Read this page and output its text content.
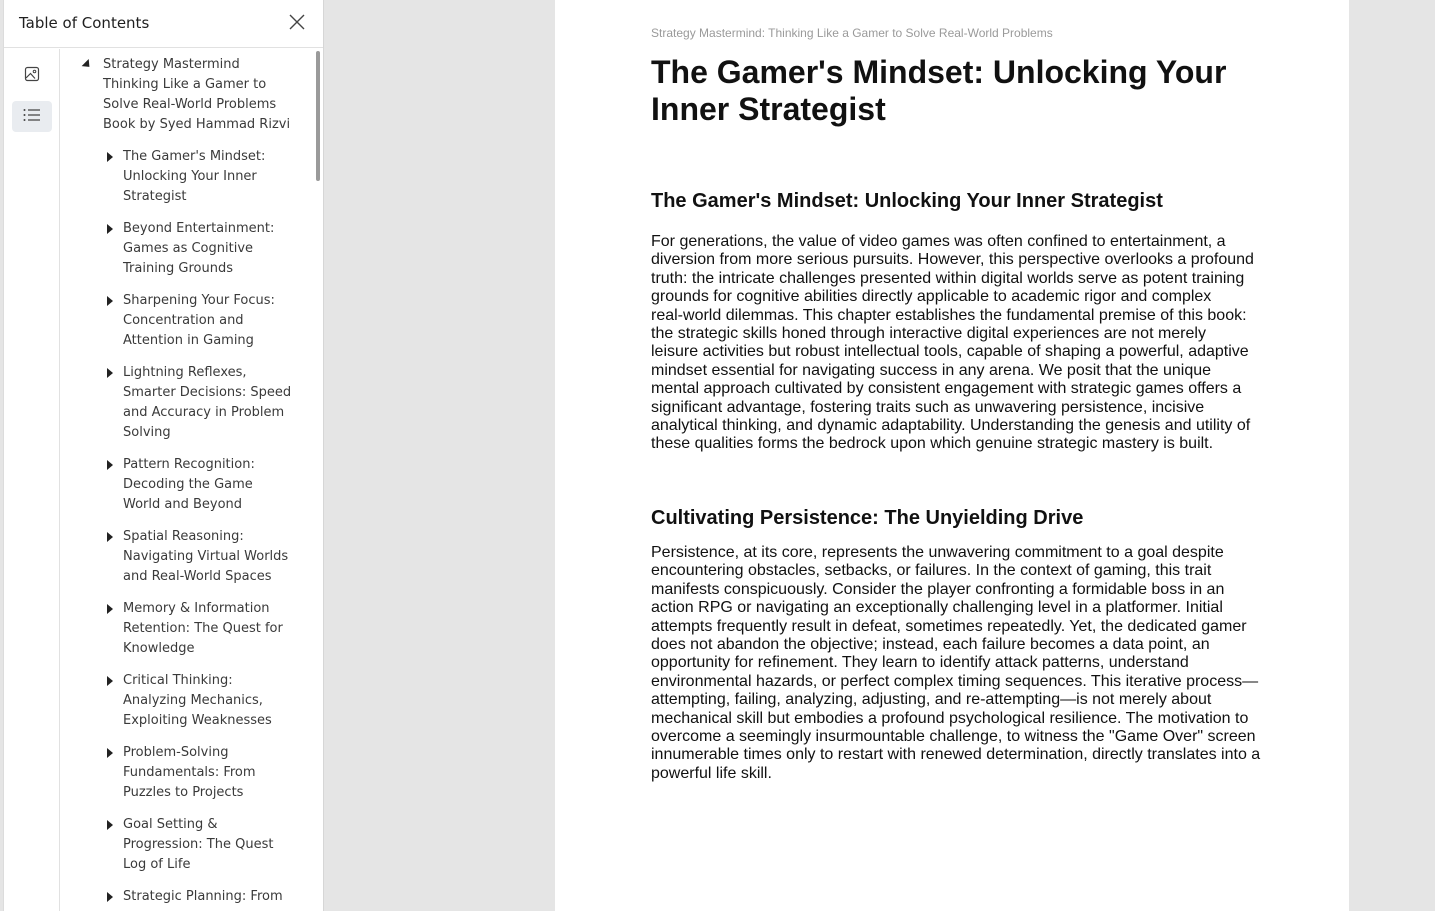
Table of Contents
Strategy Mastermind
Thinking Like a Gamer to
Solve Real-World Problems
Book by Syed Hammad Rizvi
The Gamer's Mindset:
Unlocking Your Inner
Strategist
Beyond Entertainment:
Games as Cognitive
Training Grounds
Sharpening Your Focus:
Concentration and
Attention in Gaming
Lightning Reflexes,
Smarter Decisions: Speed
and Accuracy in Problem
Solving
Pattern Recognition:
Decoding the Game
World and Beyond
Spatial Reasoning:
Navigating Virtual Worlds
and Real-World Spaces
Memory & Information
Retention: The Quest for
Knowledge
Critical Thinking:
Analyzing Mechanics,
Exploiting Weaknesses
Problem-Solving
Fundamentals: From
Puzzles to Projects
Goal Setting &
Progression: The Quest
Log of Life
Strategic Planning: From
Strategy Mastermind: Thinking Like a Gamer to Solve Real-World Problems
The Gamer's Mindset: Unlocking Your Inner Strategist
The Gamer's Mindset: Unlocking Your Inner Strategist
For generations, the value of video games was often confined to entertainment, a
diversion from more serious pursuits. However, this perspective overlooks a profound
truth: the intricate challenges presented within digital worlds serve as potent training
grounds for cognitive abilities directly applicable to academic rigor and complex
real-world dilemmas. This chapter establishes the fundamental premise of this book:
the strategic skills honed through interactive digital experiences are not merely
leisure activities but robust intellectual tools, capable of shaping a powerful, adaptive
mindset essential for navigating success in any arena. We posit that the unique
mental approach cultivated by consistent engagement with strategic games offers a
significant advantage, fostering traits such as unwavering persistence, incisive
analytical thinking, and dynamic adaptability. Understanding the genesis and utility of
these qualities forms the bedrock upon which genuine strategic mastery is built.
Cultivating Persistence: The Unyielding Drive
Persistence, at its core, represents the unwavering commitment to a goal despite
encountering obstacles, setbacks, or failures. In the context of gaming, this trait
manifests conspicuously. Consider the player confronting a formidable boss in an
action RPG or navigating an exceptionally challenging level in a platformer. Initial
attempts frequently result in defeat, sometimes repeatedly. Yet, the dedicated gamer
does not abandon the objective; instead, each failure becomes a data point, an
opportunity for refinement. They learn to identify attack patterns, understand
environmental hazards, or perfect complex timing sequences. This iterative process—
attempting, failing, analyzing, adjusting, and re-attempting—is not merely about
mechanical skill but embodies a profound psychological resilience. The motivation to
overcome a seemingly insurmountable challenge, to witness the "Game Over" screen
innumerable times only to restart with renewed determination, directly translates into a
powerful life skill.
